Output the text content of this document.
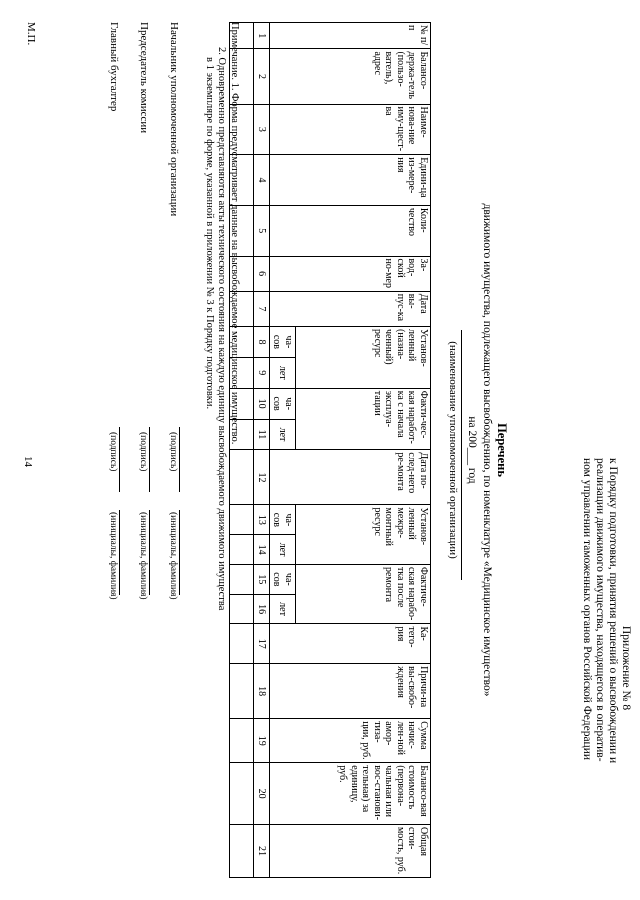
14
Приложение № 8
к Порядку подготовки, принятия решений о высвобождении и
реализации движимого имущества, находящегося в оператив-
ном управлении таможенных органов Российской Федерации
Перечень
движимого имущества, подлежащего высвобождению, по номенклатуре «Медицинское имущество»
на 200___ год
(наименование уполномоченной организации)
№ п/п	Балансо-держа-тель (пользо-ватель), адрес	Наиме-нова-ние иму-щест-ва	Едини-ца из-мере-ния	Коли-чество	За-вод-ской но-мер	Дата вы-пус-ка	Установ-ленный (назна-ченный) ресурс		Факти-чес-кая наработ-ка с начала эксплуа-тации		Дата по-след-него ре-монта	Установ-ленный межре-монтный ресурс		Фактиче-ская нарабо-тка после ремонта		Ка-тего-рия	Причи-на вы-свобо-ждения	Сумма начис-лен-ной амор-тиза-ции, руб.	Балансо-вая стоимость (первона-чальная или вос-станови-тельная) за единицу, руб.	Общая стои-мость, руб.
							ча-сов	лет	ча-сов	лет		ча-сов	лет	ча-сов	лет					
1	2	3	4	5	6	7	8	9	10	11	12	13	14	15	16	17	18	19	20	21

Примечание. 1. Форма предусматривает данные на высвобождаемое медицинское имущество.
2. Одновременно представляются акты технического состояния на каждую единицу высвобождаемого движимого имущества
в 1 экземпляре по форме, указанной в приложении № 3 к Порядку подготовки.
Начальник уполномоченной организации
(подпись)
(инициалы, фамилия)
Председатель комиссии
(подпись)
(инициалы, фамилия)
Главный бухгалтер
(подпись)
(инициалы, фамилия)
М.П.
